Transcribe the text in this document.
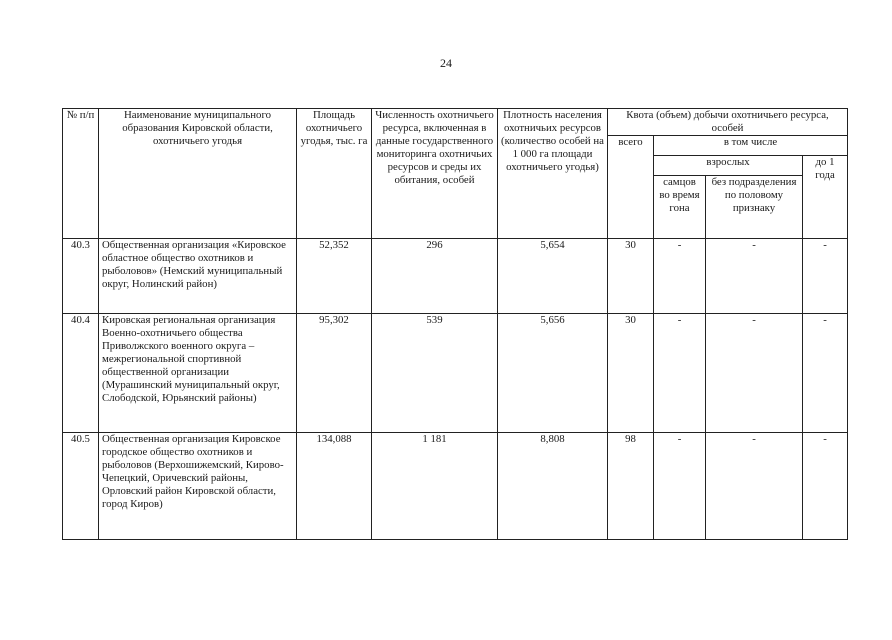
24
№ п/п	Наименование муниципального образования Кировской области, охотничьего угодья	Площадь охотничьего угодья, тыс. га	Численность охотничьего ресурса, включенная в данные государственного мониторинга охотничьих ресурсов и среды их обитания, особей	Плотность населения охотничьих ресурсов (количество особей на 1 000 га площади охотничьего угодья)	Квота (объем) добычи охотничьего ресурса, особей			
					всего	в том числе		
						взрослых		до 1 года
						самцов во время гона	без подразделения по половому признаку	
40.3	Общественная организация «Кировское областное общество охотников и рыболовов» (Немский муниципальный округ, Нолинский район)	52,352	296	5,654	30	-	-	-
40.4	Кировская региональная организация Военно-охотничьего общества Приволжского военного округа – межрегиональной спортивной общественной организации (Мурашинский муниципальный округ, Слободской, Юрьянский районы)	95,302	539	5,656	30	-	-	-
40.5	Общественная организация Кировское городское общество охотников и рыболовов (Верхошижемский, Кирово-Чепецкий, Оричевский районы, Орловский район Кировской области, город Киров)	134,088	1 181	8,808	98	-	-	-
